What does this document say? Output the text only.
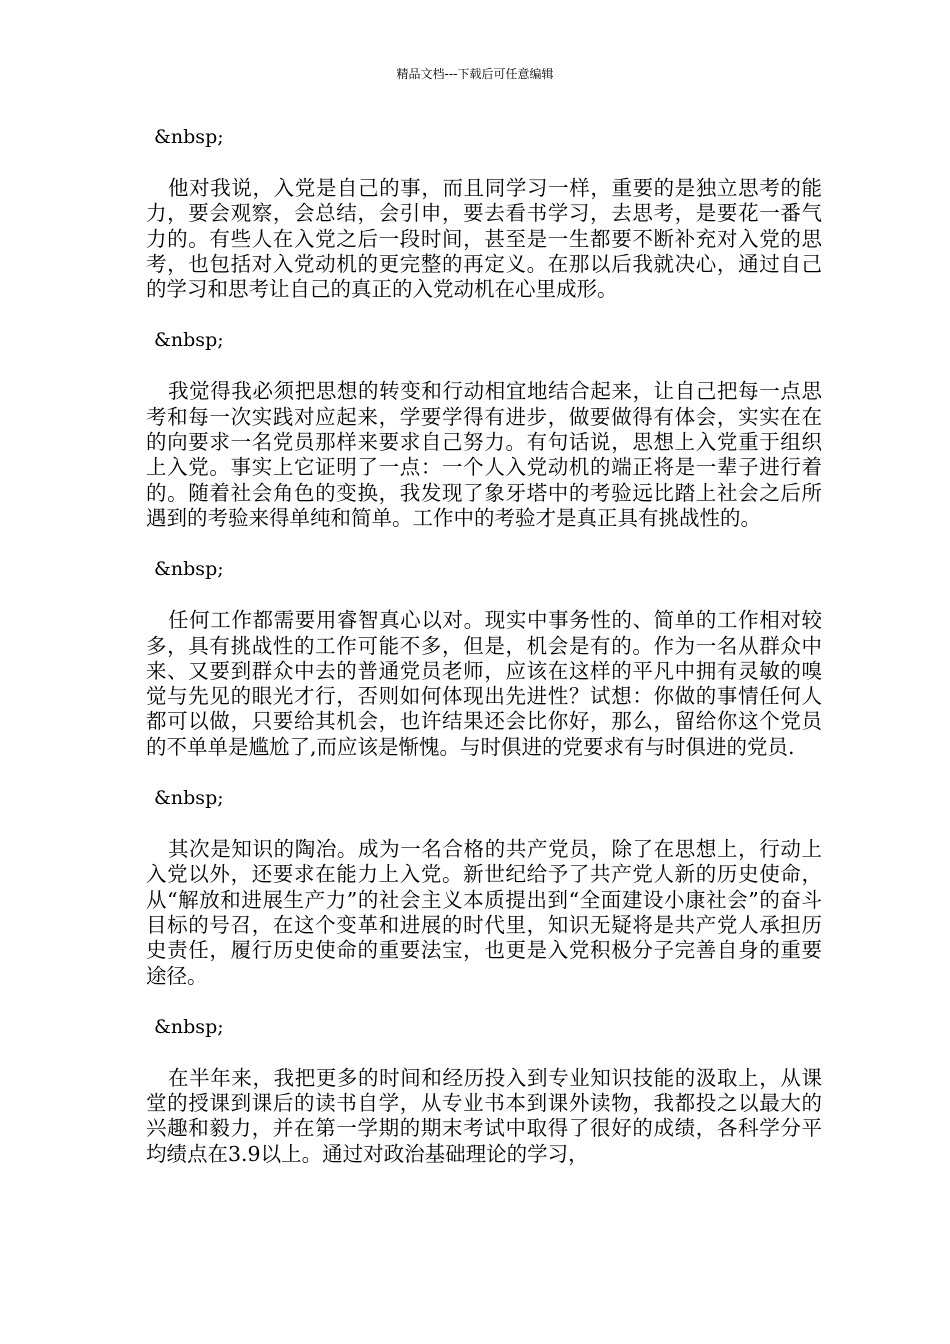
精品文档---下载后可任意编辑

&nbsp;

他对我说，入党是自己的事，而且同学习一样，重要的是独立思考的能力，要会观察，会总结，会引申，要去看书学习，去思考，是要花一番气力的。有些人在入党之后一段时间，甚至是一生都要不断补充对入党的思考，也包括对入党动机的更完整的再定义。在那以后我就决心，通过自己的学习和思考让自己的真正的入党动机在心里成形。

&nbsp;

我觉得我必须把思想的转变和行动相宜地结合起来，让自己把每一点思考和每一次实践对应起来，学要学得有进步，做要做得有体会，实实在在的向要求一名党员那样来要求自己努力。有句话说，思想上入党重于组织上入党。事实上它证明了一点：一个人入党动机的端正将是一辈子进行着的。随着社会角色的变换，我发现了象牙塔中的考验远比踏上社会之后所遇到的考验来得单纯和简单。工作中的考验才是真正具有挑战性的。

&nbsp;

任何工作都需要用睿智真心以对。现实中事务性的、简单的工作相对较多，具有挑战性的工作可能不多，但是，机会是有的。作为一名从群众中来、又要到群众中去的普通党员老师，应该在这样的平凡中拥有灵敏的嗅觉与先见的眼光才行，否则如何体现出先进性？试想：你做的事情任何人都可以做，只要给其机会，也许结果还会比你好，那么，留给你这个党员的不单单是尴尬了,而应该是惭愧。与时俱进的党要求有与时俱进的党员.

&nbsp;

其次是知识的陶冶。成为一名合格的共产党员，除了在思想上，行动上入党以外，还要求在能力上入党。新世纪给予了共产党人新的历史使命，从“解放和进展生产力”的社会主义本质提出到“全面建设小康社会”的奋斗目标的号召，在这个变革和进展的时代里，知识无疑将是共产党人承担历史责任，履行历史使命的重要法宝，也更是入党积极分子完善自身的重要途径。

&nbsp;

在半年来，我把更多的时间和经历投入到专业知识技能的汲取上，从课堂的授课到课后的读书自学，从专业书本到课外读物，我都投之以最大的兴趣和毅力，并在第一学期的期末考试中取得了很好的成绩，各科学分平均绩点在3.9以上。通过对政治基础理论的学习，
